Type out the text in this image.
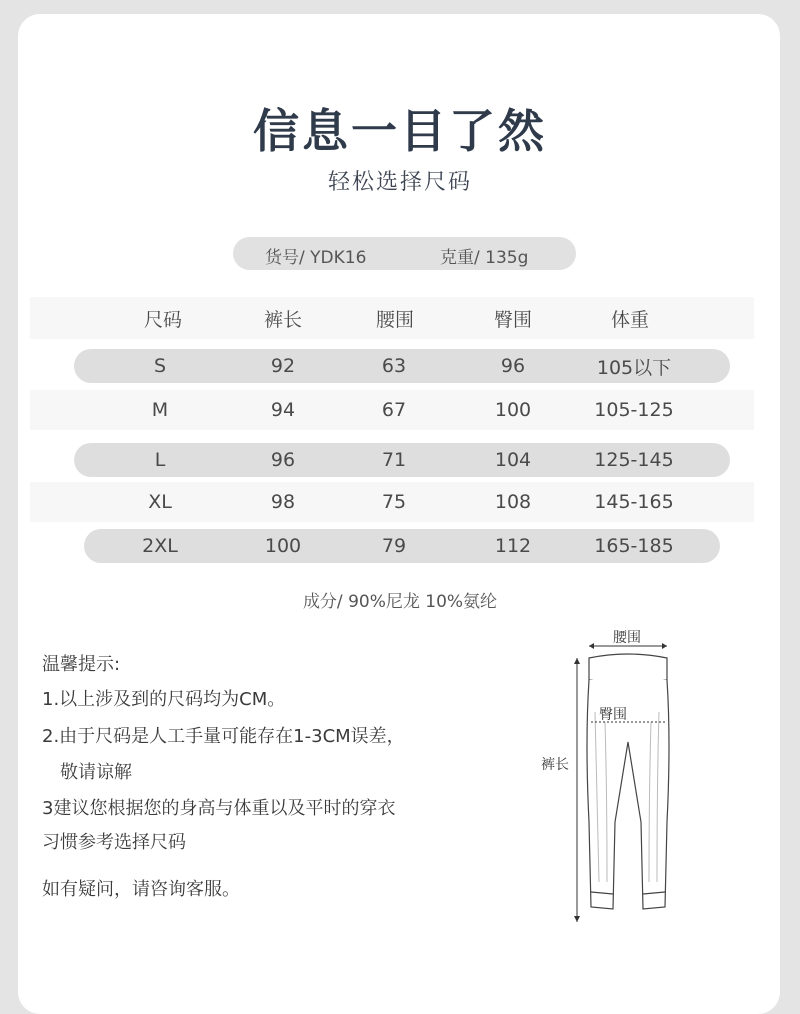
信息一目了然
轻松选择尺码
货号/ YDK16	克重/ 135g
尺码	裤长	腰围	臀围	体重
S	92	63	96	105以下
M	94	67	100	105-125
L	96	71	104	125-145
XL	98	75	108	145-165
2XL	100	79	112	165-185
成分/ 90%尼龙 10%氨纶
温馨提示:
1.以上涉及到的尺码均为CM。
2.由于尺码是人工手量可能存在1-3CM误差，
敬请谅解
3建议您根据您的身高与体重以及平时的穿衣
习惯参考选择尺码
如有疑问，请咨询客服。
腰围
臀围
裤长
